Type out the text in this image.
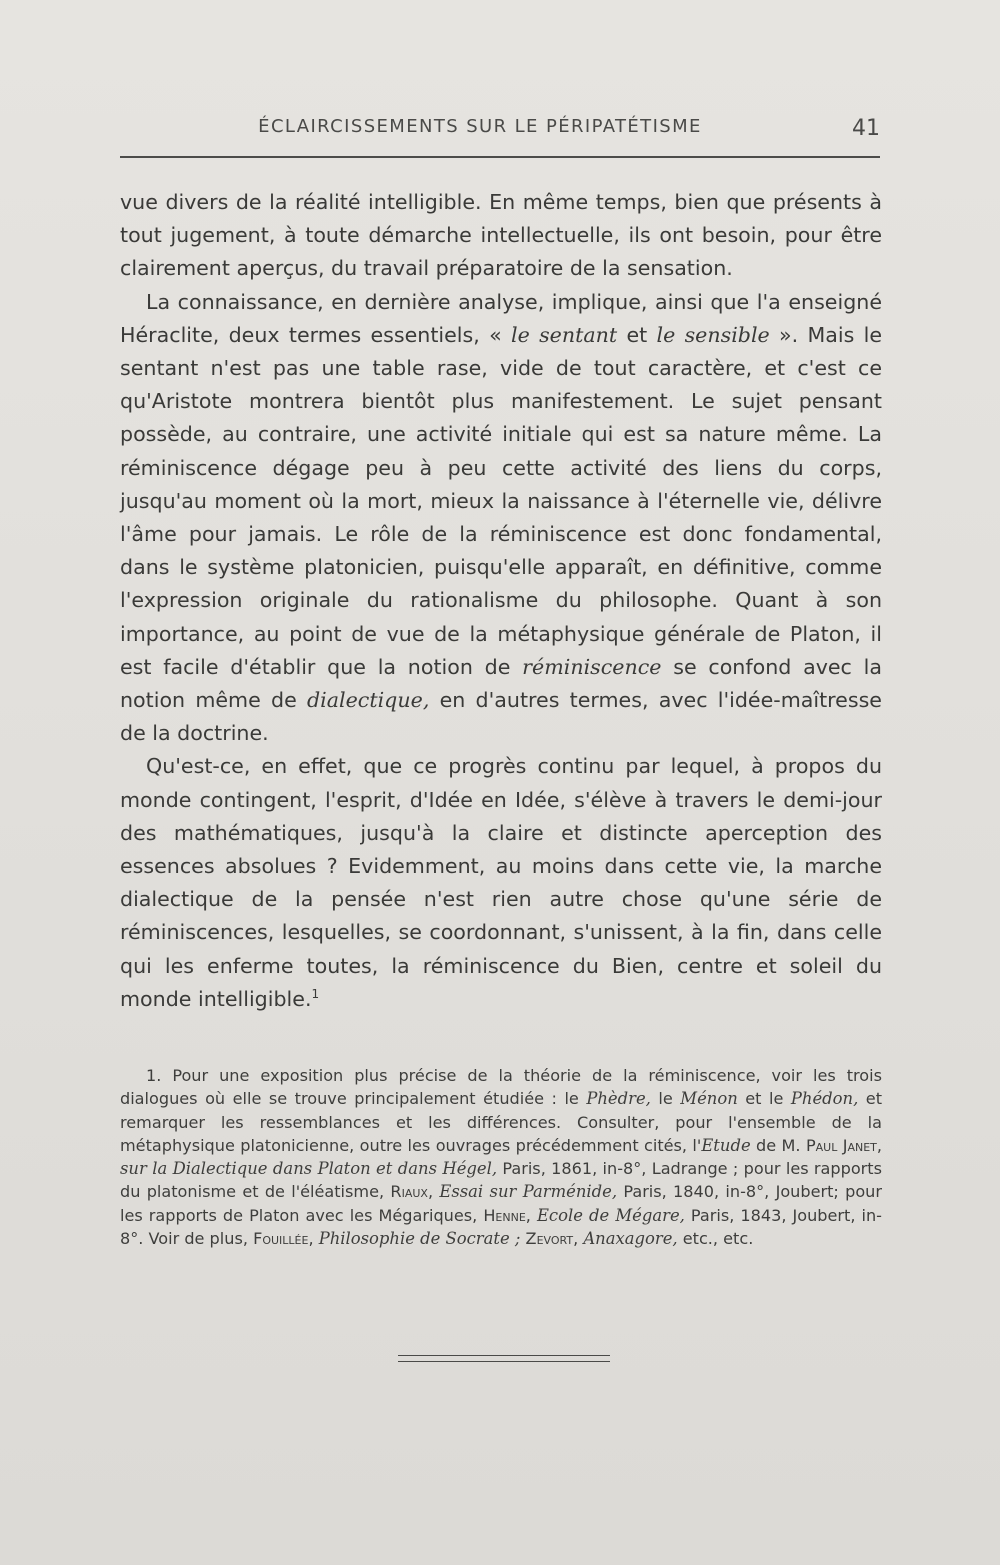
ÉCLAIRCISSEMENTS SUR LE PÉRIPATÉTISME	41

vue divers de la réalité intelligible. En même temps, bien que présents à tout jugement, à toute démarche intellectuelle, ils ont besoin, pour être clairement aperçus, du travail préparatoire de la sensation.

La connaissance, en dernière analyse, implique, ainsi que l'a enseigné Héraclite, deux termes essentiels, « le sentant et le sensible ». Mais le sentant n'est pas une table rase, vide de tout caractère, et c'est ce qu'Aristote montrera bientôt plus manifestement. Le sujet pensant possède, au contraire, une activité initiale qui est sa nature même. La réminiscence dégage peu à peu cette activité des liens du corps, jusqu'au moment où la mort, mieux la naissance à l'éternelle vie, délivre l'âme pour jamais. Le rôle de la réminiscence est donc fondamental, dans le système platonicien, puisqu'elle apparaît, en définitive, comme l'expression originale du rationalisme du philosophe. Quant à son importance, au point de vue de la métaphysique générale de Platon, il est facile d'établir que la notion de réminiscence se confond avec la notion même de dialectique, en d'autres termes, avec l'idée-maîtresse de la doctrine.

Qu'est-ce, en effet, que ce progrès continu par lequel, à propos du monde contingent, l'esprit, d'Idée en Idée, s'élève à travers le demi-jour des mathématiques, jusqu'à la claire et distincte aperception des essences absolues ? Evidemment, au moins dans cette vie, la marche dialectique de la pensée n'est rien autre chose qu'une série de réminiscences, lesquelles, se coordonnant, s'unissent, à la fin, dans celle qui les enferme toutes, la réminiscence du Bien, centre et soleil du monde intelligible.$^1$

1. Pour une exposition plus précise de la théorie de la réminiscence, voir les trois dialogues où elle se trouve principalement étudiée : le Phèdre, le Ménon et le Phédon, et remarquer les ressemblances et les différences. Consulter, pour l'ensemble de la métaphysique platonicienne, outre les ouvrages précédemment cités, l'Etude de M. Paul Janet, sur la Dialectique dans Platon et dans Hégel, Paris, 1861, in-8°, Ladrange ; pour les rapports du platonisme et de l'éléatisme, Riaux, Essai sur Parménide, Paris, 1840, in-8°, Joubert; pour les rapports de Platon avec les Mégariques, Henne, Ecole de Mégare, Paris, 1843, Joubert, in-8°. Voir de plus, Fouillée, Philosophie de Socrate ; Zevort, Anaxagore, etc., etc.
